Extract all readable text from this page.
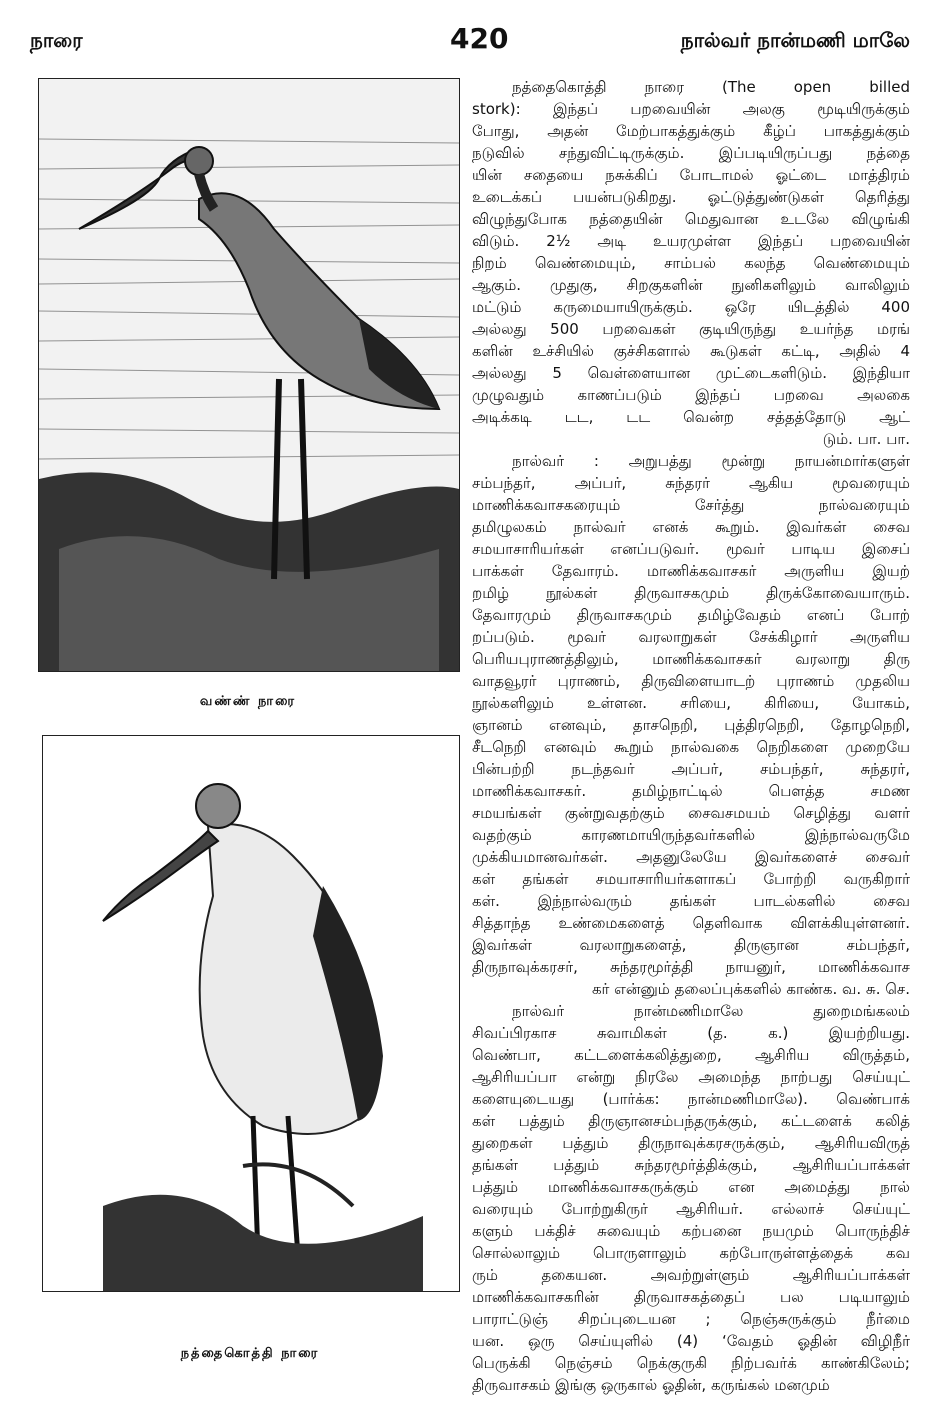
நாரை	420	நால்வர் நான்மணி மாலே
வண்ண் நாரை
நத்தைகொத்தி நாரை
நத்தைகொத்தி நாரை (The open billed
stork): இந்தப் பறவையின் அலகு மூடியிருக்கும்
போது, அதன் மேற்பாகத்துக்கும் கீழ்ப் பாகத்துக்கும்
நடுவில் சந்துவிட்டிருக்கும். இப்படியிருப்பது நத்தை
யின் சதையை நசுக்கிப் போடாமல் ஓட்டை மாத்திரம்
உடைக்கப் பயன்படுகிறது. ஓட்டுத்துண்டுகள் தெரித்து
விழுந்துபோக நத்தையின் மெதுவான உடலே விழுங்கி
விடும். 2½ அடி உயரமுள்ள இந்தப் பறவையின்
நிறம் வெண்மையும், சாம்பல் கலந்த வெண்மையும்
ஆகும். முதுகு, சிறகுகளின் நுனிகளிலும் வாலிலும்
மட்டும் கருமையாயிருக்கும். ஒரே யிடத்தில் 400
அல்லது 500 பறவைகள் குடியிருந்து உயர்ந்த மரங்
களின் உச்சியில் குச்சிகளால் கூடுகள் கட்டி, அதில் 4
அல்லது 5 வெள்ளையான முட்டைகளிடும். இந்தியா
முழுவதும் காணப்படும் இந்தப் பறவை அலகை
அடிக்கடி டட, டட வென்ற சத்தத்தோடு ஆட்
டும். பா. பா.
நால்வர் : அறுபத்து மூன்று நாயன்மார்களுள்
சம்பந்தர், அப்பர், சுந்தரர் ஆகிய மூவரையும்
மாணிக்கவாசகரையும் சேர்த்து நால்வரையும்
தமிழுலகம் நால்வர் எனக் கூறும். இவர்கள் சைவ
சமயாசாரியர்கள் எனப்படுவர். மூவர் பாடிய இசைப்
பாக்கள் தேவாரம். மாணிக்கவாசகர் அருளிய இயற்
றமிழ் நூல்கள் திருவாசகமும் திருக்கோவையாரும்.
தேவாரமும் திருவாசகமும் தமிழ்வேதம் எனப் போற்
றப்படும். மூவர் வரலாறுகள் சேக்கிழார் அருளிய
பெரியபுராணத்திலும், மாணிக்கவாசகர் வரலாறு திரு
வாதவூரர் புராணம், திருவிளையாடற் புராணம் முதலிய
நூல்களிலும் உள்ளன. சரியை, கிரியை, யோகம்,
ஞானம் எனவும், தாசநெறி, புத்திரநெறி, தோழநெறி,
சீடநெறி எனவும் கூறும் நால்வகை நெறிகளை முறையே
பின்பற்றி நடந்தவர் அப்பர், சம்பந்தர், சுந்தரர்,
மாணிக்கவாசகர். தமிழ்நாட்டில் பௌத்த சமண
சமயங்கள் குன்றுவதற்கும் சைவசமயம் செழித்து வளர்
வதற்கும் காரணமாயிருந்தவர்களில் இந்நால்வருமே
முக்கியமானவர்கள். அதனுலேயே இவர்களைச் சைவர்
கள் தங்கள் சமயாசாரியர்களாகப் போற்றி வருகிறார்
கள். இந்நால்வரும் தங்கள் பாடல்களில் சைவ
சித்தாந்த உண்மைகளைத் தெளிவாக விளக்கியுள்ளனர்.
இவர்கள் வரலாறுகளைத், திருஞான சம்பந்தர்,
திருநாவுக்கரசர், சுந்தரமூர்த்தி நாயனுர், மாணிக்கவாச
கர் என்னும் தலைப்புக்களில் காண்க. வ. சு. செ.
நால்வர் நான்மணிமாலே துறைமங்கலம்
சிவப்பிரகாச சுவாமிகள் (த. க.) இயற்றியது.
வெண்பா, கட்டளைக்கலித்துறை, ஆசிரிய விருத்தம்,
ஆசிரியப்பா என்று நிரலே அமைந்த நாற்பது செய்யுட்
களையுடையது (பார்க்க: நான்மணிமாலே). வெண்பாக்
கள் பத்தும் திருஞானசம்பந்தருக்கும், கட்டளைக் கலித்
துறைகள் பத்தும் திருநாவுக்கரசருக்கும், ஆசிரியவிருத்
தங்கள் பத்தும் சுந்தரமூர்த்திக்கும், ஆசிரியப்பாக்கள்
பத்தும் மாணிக்கவாசகருக்கும் என அமைத்து நால்
வரையும் போற்றுகிருர் ஆசிரியர். எல்லாச் செய்யுட்
களும் பக்திச் சுவையும் கற்பனை நயமும் பொருந்திச்
சொல்லாலும் பொருளாலும் கற்போருள்ளத்தைக் கவ
ரும் தகையன. அவற்றுள்ளும் ஆசிரியப்பாக்கள்
மாணிக்கவாசகரின் திருவாசகத்தைப் பல படியாலும்
பாராட்டுஞ் சிறப்புடையன ; நெஞ்சுருக்கும் நீர்மை
யன. ஒரு செய்யுளில் (4) ‘வேதம் ஓதின் விழிநீர்
பெருக்கி நெஞ்சம் நெக்குருகி நிற்பவர்க் காண்கிலேம்;
திருவாசகம் இங்கு ஒருகால் ஓதின், கருங்கல் மனமும்
